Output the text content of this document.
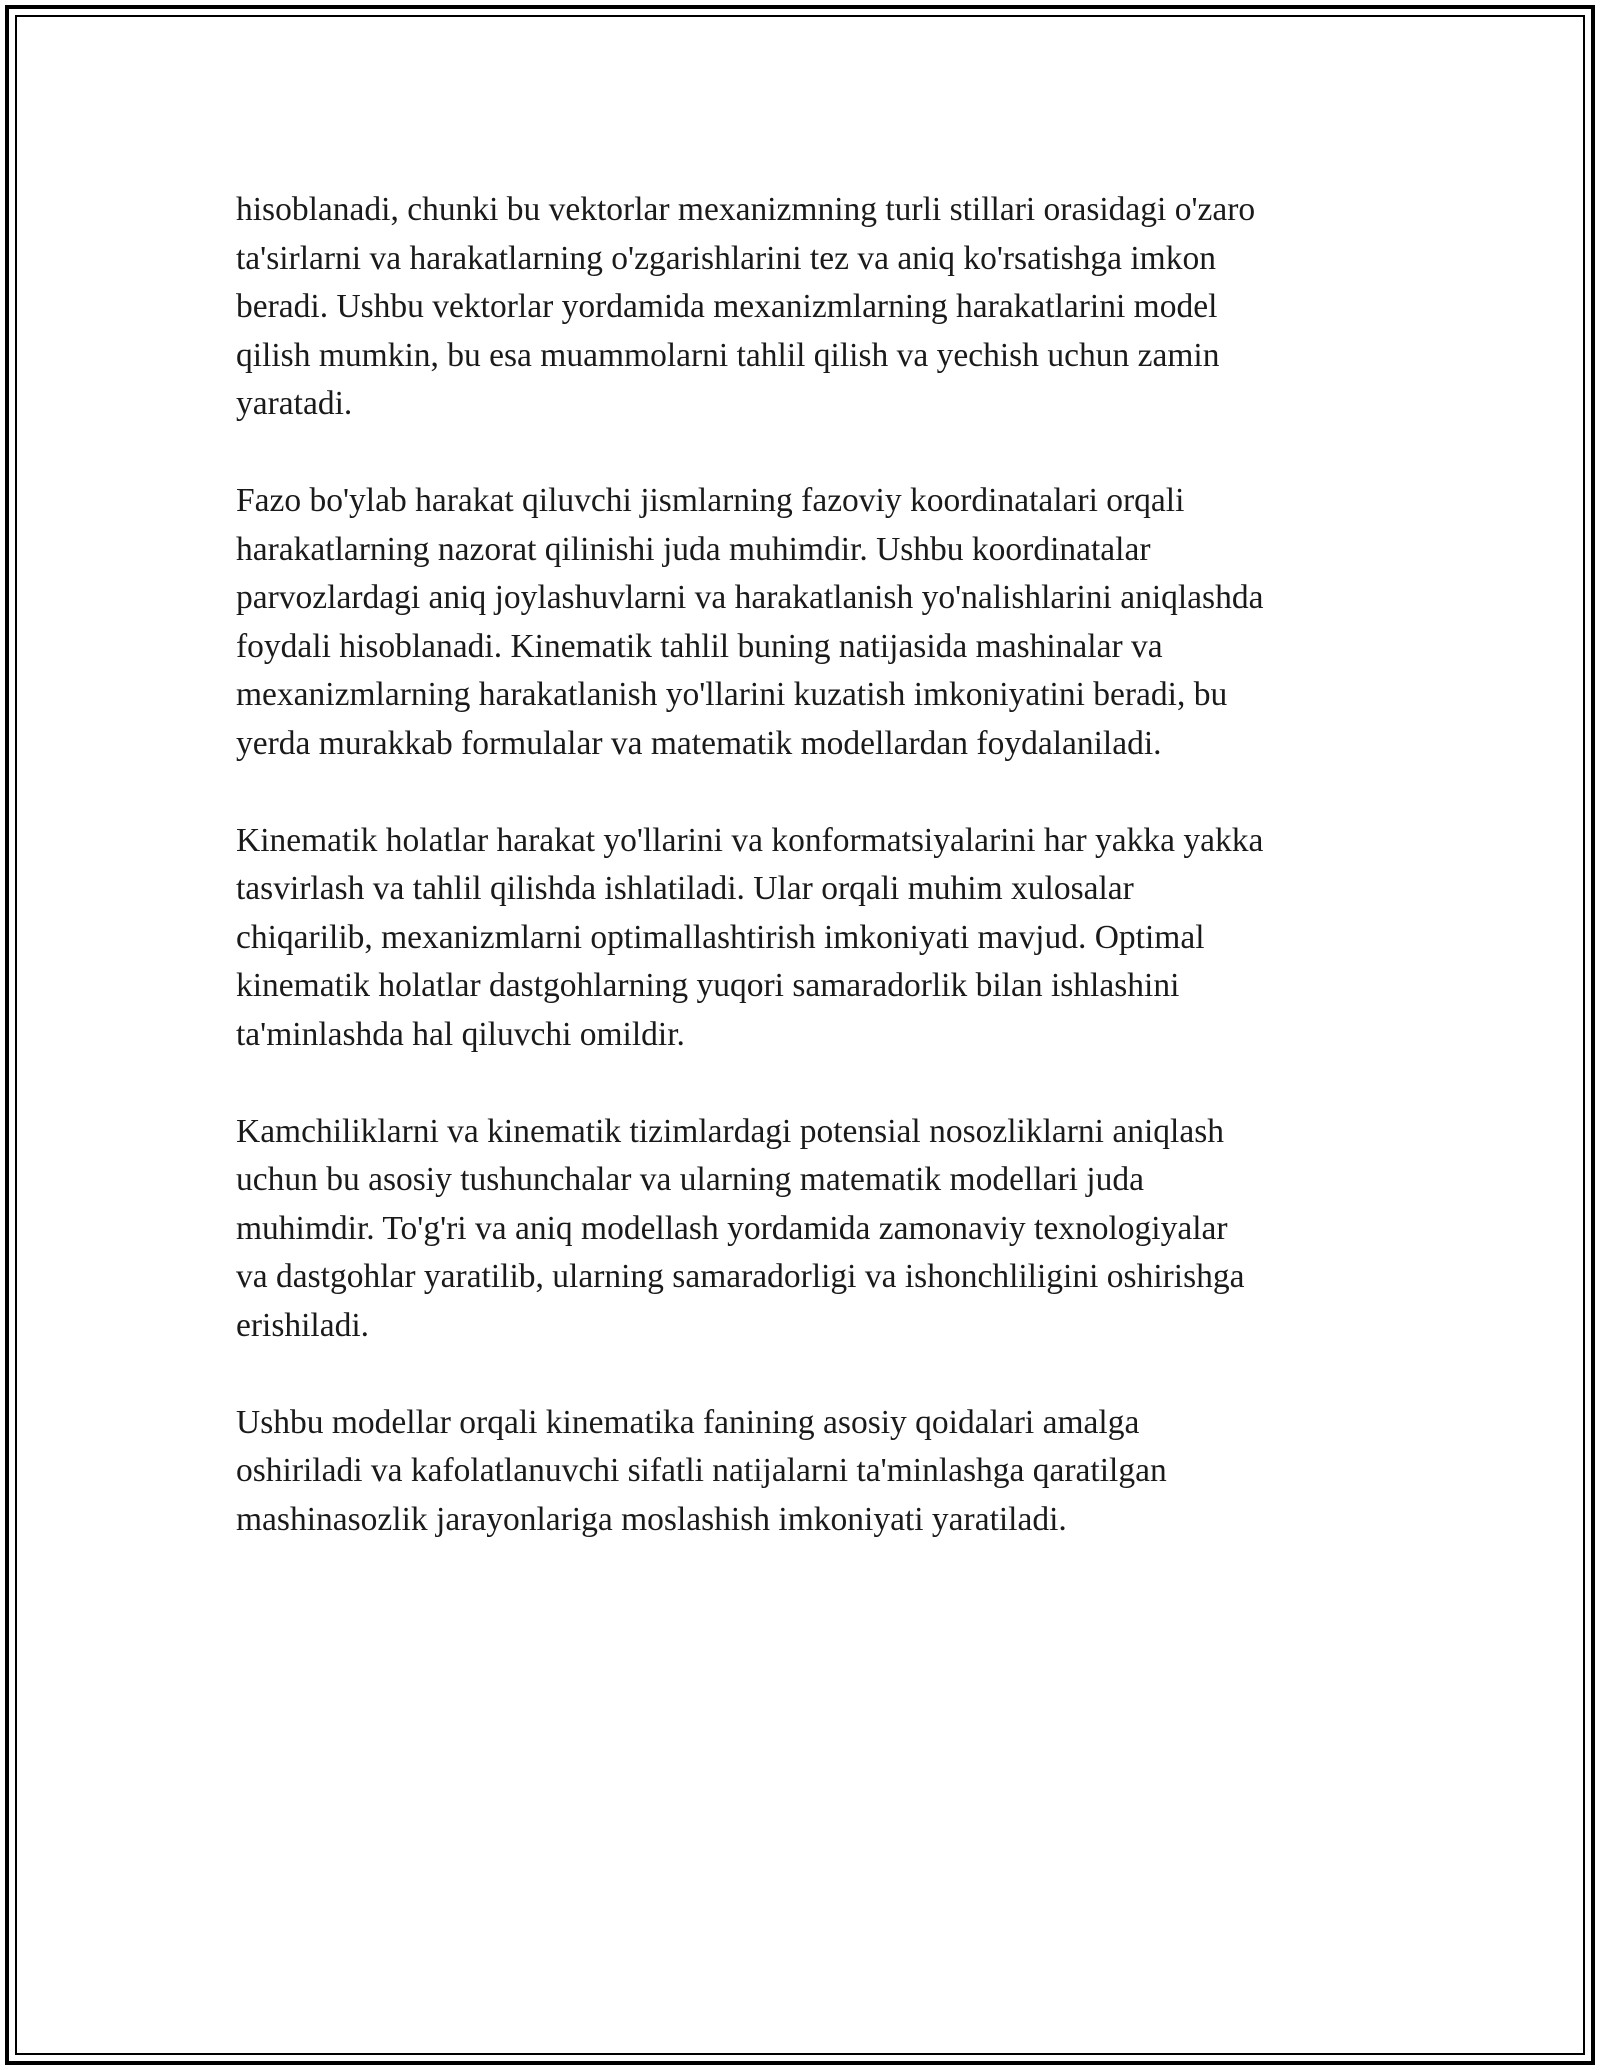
hisoblanadi, chunki bu vektorlar mexanizmning turli stillari orasidagi o'zaro
ta'sirlarni va harakatlarning o'zgarishlarini tez va aniq ko'rsatishga imkon
beradi. Ushbu vektorlar yordamida mexanizmlarning harakatlarini model
qilish mumkin, bu esa muammolarni tahlil qilish va yechish uchun zamin
yaratadi.

Fazo bo'ylab harakat qiluvchi jismlarning fazoviy koordinatalari orqali
harakatlarning nazorat qilinishi juda muhimdir. Ushbu koordinatalar
parvozlardagi aniq joylashuvlarni va harakatlanish yo'nalishlarini aniqlashda
foydali hisoblanadi. Kinematik tahlil buning natijasida mashinalar va
mexanizmlarning harakatlanish yo'llarini kuzatish imkoniyatini beradi, bu
yerda murakkab formulalar va matematik modellardan foydalaniladi.

Kinematik holatlar harakat yo'llarini va konformatsiyalarini har yakka yakka
tasvirlash va tahlil qilishda ishlatiladi. Ular orqali muhim xulosalar
chiqarilib, mexanizmlarni optimallashtirish imkoniyati mavjud. Optimal
kinematik holatlar dastgohlarning yuqori samaradorlik bilan ishlashini
ta'minlashda hal qiluvchi omildir.

Kamchiliklarni va kinematik tizimlardagi potensial nosozliklarni aniqlash
uchun bu asosiy tushunchalar va ularning matematik modellari juda
muhimdir. To'g'ri va aniq modellash yordamida zamonaviy texnologiyalar
va dastgohlar yaratilib, ularning samaradorligi va ishonchliligini oshirishga
erishiladi.

Ushbu modellar orqali kinematika fanining asosiy qoidalari amalga
oshiriladi va kafolatlanuvchi sifatli natijalarni ta'minlashga qaratilgan
mashinasozlik jarayonlariga moslashish imkoniyati yaratiladi.
